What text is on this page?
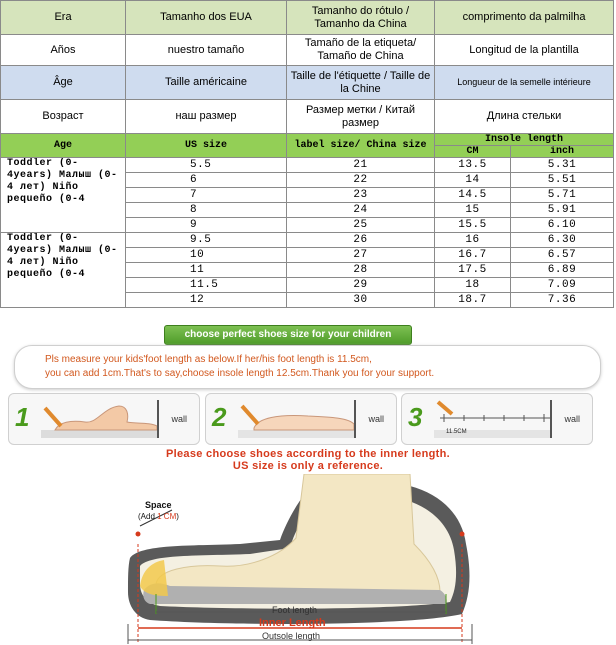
Era	Tamanho dos EUA	Tamanho do rótulo / Tamanho da China	comprimento da palmilha	
Años	nuestro tamaño	Tamaño de la etiqueta/ Tamaño de China	Longitud de la plantilla	
Âge	Taille américaine	Taille de l'étiquette / Taille de la Chine	Longueur de la semelle intérieure	
Возраст	наш размер	Размер метки / Китай размер	Длина стельки	
Age	US size	label size/ China size	Insole length	
			CM	inch
Toddler (0-4years) Малыш (0-4 лет) Niño pequeño (0-4	5.5	21	13.5	5.31
	6	22	14	5.51
	7	23	14.5	5.71
	8	24	15	5.91
	9	25	15.5	6.10
Toddler (0-4years) Малыш (0-4 лет) Niño pequeño (0-4	9.5	26	16	6.30
	10	27	16.7	6.57
	11	28	17.5	6.89
	11.5	29	18	7.09
	12	30	18.7	7.36
choose perfect shoes size for your children
Pls measure your kids'foot length as below.If her/his foot length is 11.5cm,
you can add 1cm.That's to say,choose insole length 12.5cm.Thank you for your support.
1	wall 2	wall 3	11.5CM
wall
Please choose shoes according to the inner length.
US size is only a reference.
Space
(Add 1 CM)
Foot length
Inner Length
Outsole length
